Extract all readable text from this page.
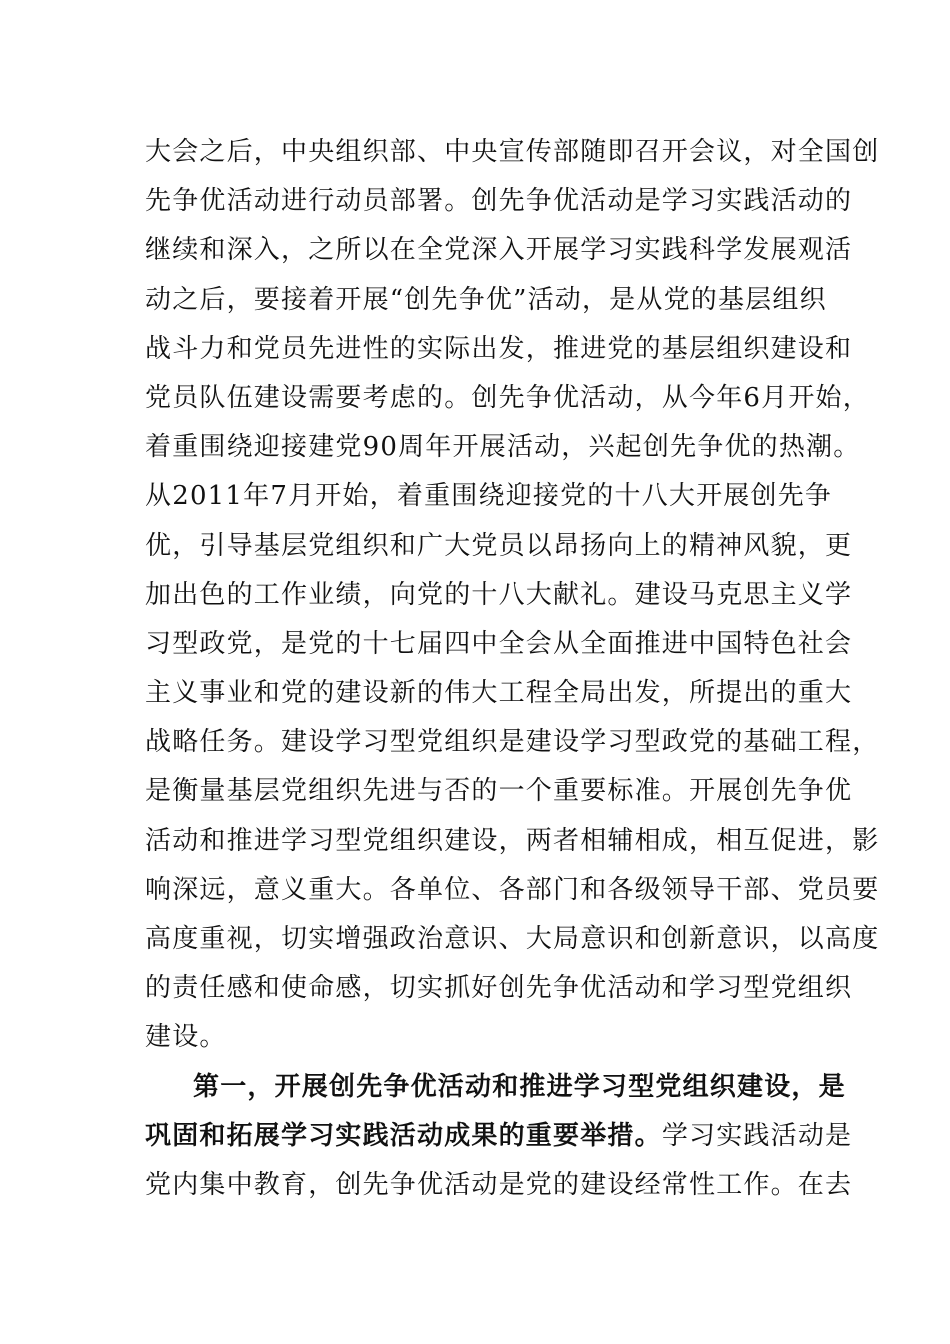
大会之后，中央组织部、中央宣传部随即召开会议，对全国创
先争优活动进行动员部署。创先争优活动是学习实践活动的
继续和深入，之所以在全党深入开展学习实践科学发展观活
动之后，要接着开展“创先争优”活动，是从党的基层组织
战斗力和党员先进性的实际出发，推进党的基层组织建设和
党员队伍建设需要考虑的。创先争优活动，从今年6月开始，
着重围绕迎接建党90周年开展活动，兴起创先争优的热潮。
从2011年7月开始，着重围绕迎接党的十八大开展创先争
优，引导基层党组织和广大党员以昂扬向上的精神风貌，更
加出色的工作业绩，向党的十八大献礼。建设马克思主义学
习型政党，是党的十七届四中全会从全面推进中国特色社会
主义事业和党的建设新的伟大工程全局出发，所提出的重大
战略任务。建设学习型党组织是建设学习型政党的基础工程，
是衡量基层党组织先进与否的一个重要标准。开展创先争优
活动和推进学习型党组织建设，两者相辅相成，相互促进，影
响深远，意义重大。各单位、各部门和各级领导干部、党员要
高度重视，切实增强政治意识、大局意识和创新意识，以高度
的责任感和使命感，切实抓好创先争优活动和学习型党组织
建设。
第一，开展创先争优活动和推进学习型党组织建设，是
巩固和拓展学习实践活动成果的重要举措。学习实践活动是
党内集中教育，创先争优活动是党的建设经常性工作。在去
